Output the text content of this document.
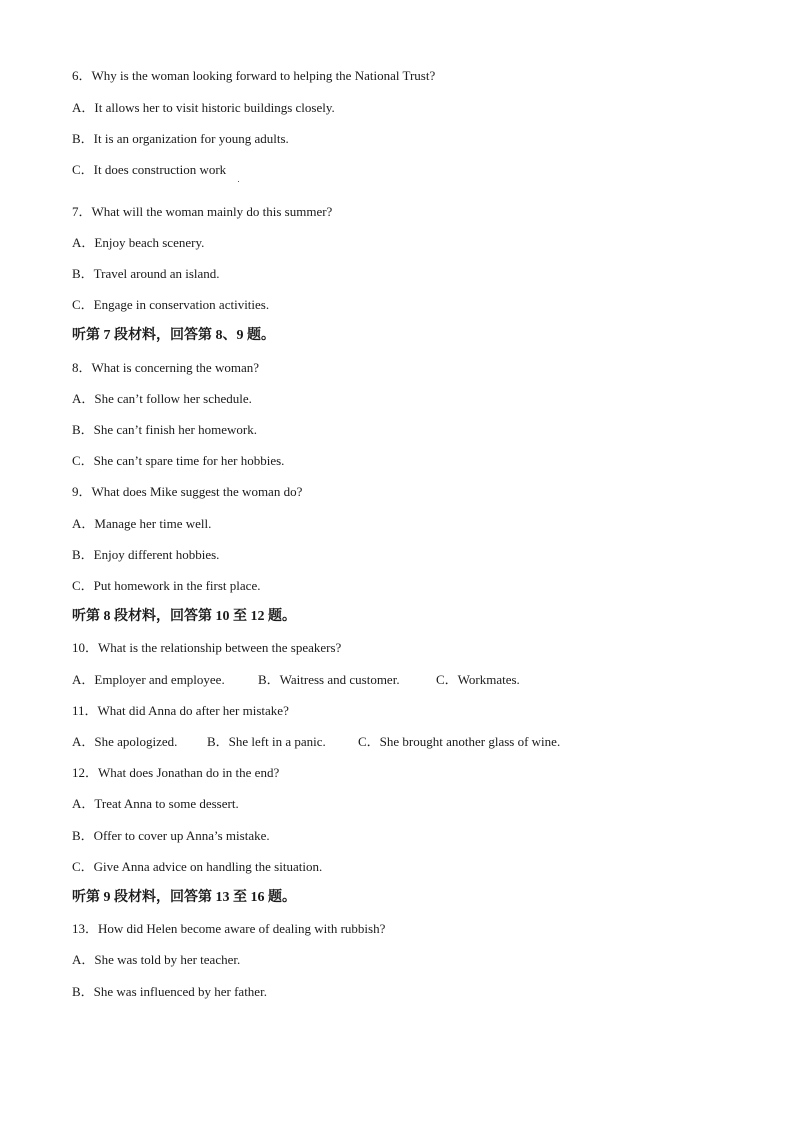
6．Why is the woman looking forward to helping the National Trust?
A．It allows her to visit historic buildings closely.
B．It is an organization for young adults.
C．It does construction work
7．What will the woman mainly do this summer?
A．Enjoy beach scenery.
B．Travel around an island.
C．Engage in conservation activities.
听第 7 段材料，回答第 8、9 题。
8．What is concerning the woman?
A．She can’t follow her schedule.
B．She can’t finish her homework.
C．She can’t spare time for her hobbies.
9．What does Mike suggest the woman do?
A．Manage her time well.
B．Enjoy different hobbies.
C．Put homework in the first place.
听第 8 段材料，回答第 10 至 12 题。
10．What is the relationship between the speakers?
A．Employer and employee.	B．Waitress and customer.	C．Workmates.
11．What did Anna do after her mistake?
A．She apologized. B．She left in a panic. C．She brought another glass of wine.
12．What does Jonathan do in the end?
A．Treat Anna to some dessert.
B．Offer to cover up Anna’s mistake.
C．Give Anna advice on handling the situation.
听第 9 段材料，回答第 13 至 16 题。
13．How did Helen become aware of dealing with rubbish?
A．She was told by her teacher.
B．She was influenced by her father.
